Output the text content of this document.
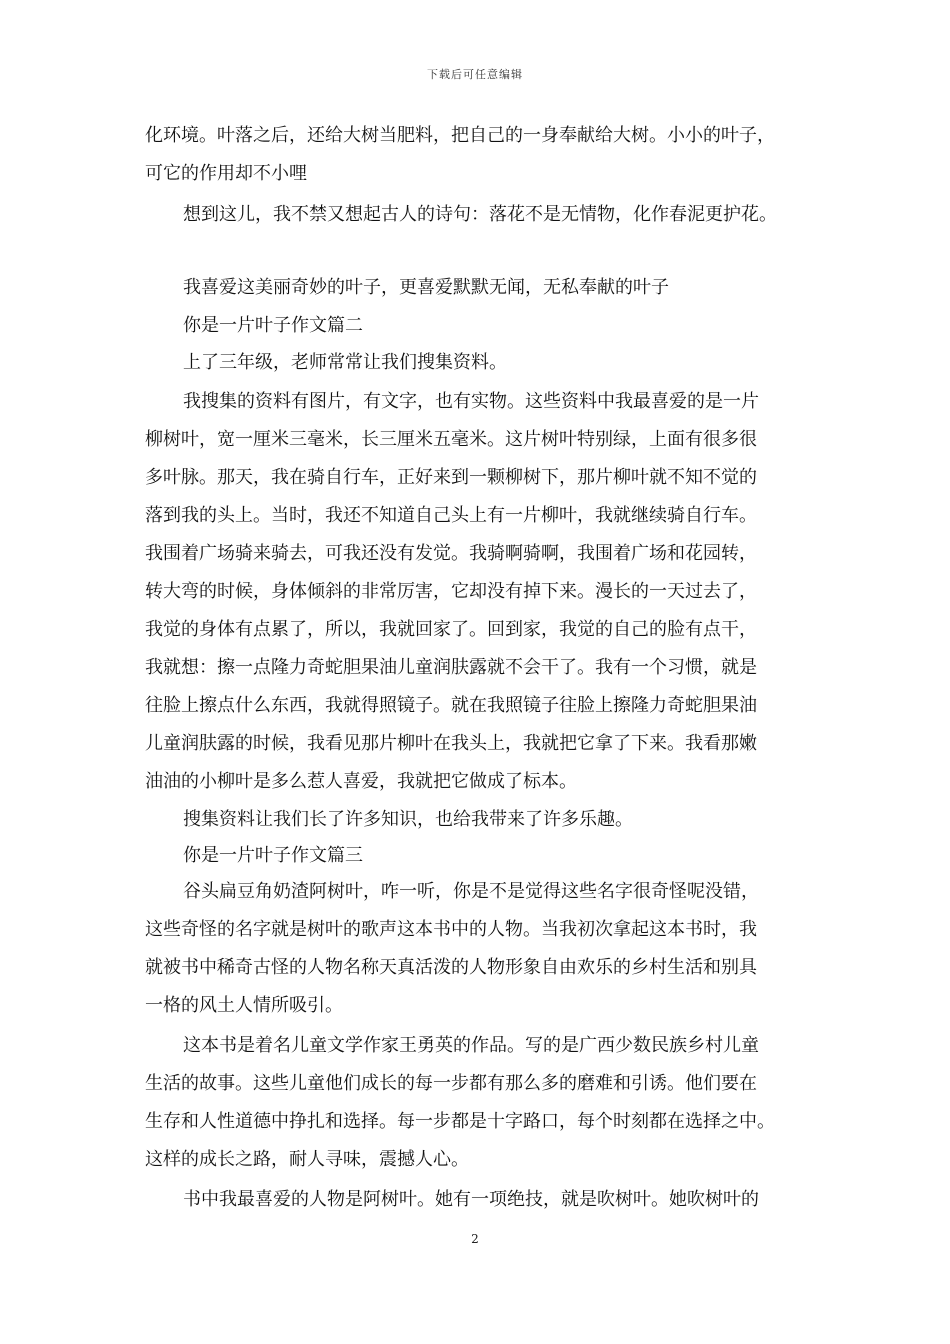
下载后可任意编辑

化环境。叶落之后，还给大树当肥料，把自己的一身奉献给大树。小小的叶子，

可它的作用却不小哩

想到这儿，我不禁又想起古人的诗句：落花不是无情物，化作春泥更护花。

我喜爱这美丽奇妙的叶子，更喜爱默默无闻，无私奉献的叶子

你是一片叶子作文篇二

上了三年级，老师常常让我们搜集资料。

我搜集的资料有图片，有文字，也有实物。这些资料中我最喜爱的是一片

柳树叶，宽一厘米三毫米，长三厘米五毫米。这片树叶特别绿，上面有很多很

多叶脉。那天，我在骑自行车，正好来到一颗柳树下，那片柳叶就不知不觉的

落到我的头上。当时，我还不知道自己头上有一片柳叶，我就继续骑自行车。

我围着广场骑来骑去，可我还没有发觉。我骑啊骑啊，我围着广场和花园转，

转大弯的时候，身体倾斜的非常厉害，它却没有掉下来。漫长的一天过去了，

我觉的身体有点累了，所以，我就回家了。回到家，我觉的自己的脸有点干，

我就想：擦一点隆力奇蛇胆果油儿童润肤露就不会干了。我有一个习惯，就是

往脸上擦点什么东西，我就得照镜子。就在我照镜子往脸上擦隆力奇蛇胆果油

儿童润肤露的时候，我看见那片柳叶在我头上，我就把它拿了下来。我看那嫩

油油的小柳叶是多么惹人喜爱，我就把它做成了标本。

搜集资料让我们长了许多知识，也给我带来了许多乐趣。

你是一片叶子作文篇三

谷头扁豆角奶渣阿树叶，咋一听，你是不是觉得这些名字很奇怪呢没错，

这些奇怪的名字就是树叶的歌声这本书中的人物。当我初次拿起这本书时，我

就被书中稀奇古怪的人物名称天真活泼的人物形象自由欢乐的乡村生活和别具

一格的风土人情所吸引。

这本书是着名儿童文学作家王勇英的作品。写的是广西少数民族乡村儿童

生活的故事。这些儿童他们成长的每一步都有那么多的磨难和引诱。他们要在

生存和人性道德中挣扎和选择。每一步都是十字路口，每个时刻都在选择之中。

这样的成长之路，耐人寻味，震撼人心。

书中我最喜爱的人物是阿树叶。她有一项绝技，就是吹树叶。她吹树叶的

2
